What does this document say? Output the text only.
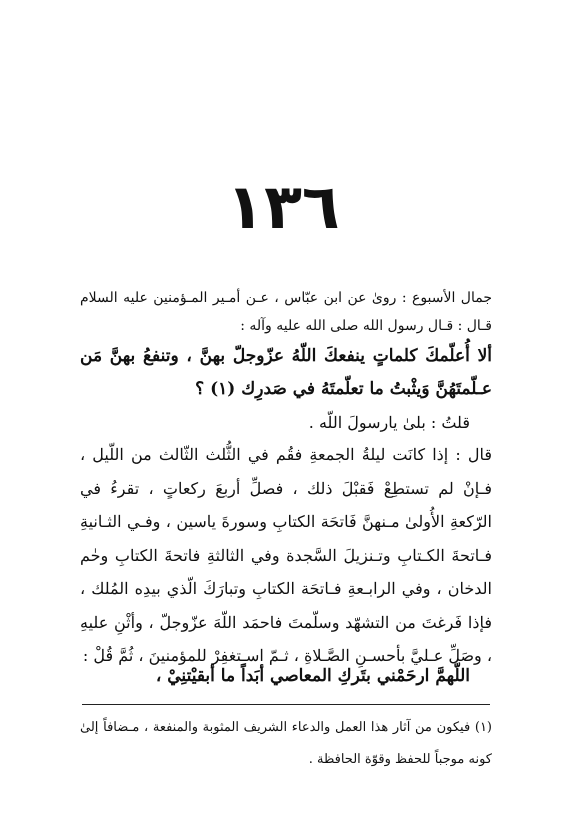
١٣٦
جمال الأسبوع : رویٰ عن ابن عبّاس ، عـن أمـير المـؤمنين عليه السلام قـال : قـال رسول الله صلى الله عليه وآله :
ألا أُعلّمكَ كلماتٍ ينفعكَ اللّهُ عزّوجلّ بهنَّ ، وتنفعُ بهنَّ مَن عـلّمتَهُنَّ وَيثْبتُ ما تعلّمتَهُ في صَدرِك (١) ؟
قلتُ : بلیٰ يارسولَ اللّه .
قال : إذا كانَت ليلةُ الجمعةِ فقُم في الثُّلث الثّالث من اللّيل ، فـإنْ لم تستطِعْ فَقبْلَ ذلك ، فصلِّ أربعَ ركعاتٍ ، تقرءُ في الرّكعةِ الأُولیٰ مـنهنَّ فَاتحَة الكتابِ وسورةَ ياسين ، وفـي الثـانيةِ فـاتحةَ الكـتابِ وتـنزيلَ السَّجدة وفي الثالثةِ فاتحةَ الكتابِ وحٰم الدخان ، وفي الرابـعةِ فـاتحَة الكتابِ وتبارَكَ الّذي بيدِه المُلك ، فإذا فَرغتَ من التشهّد وسلّمتَ فاحمَد اللّهَ عزّوجلّ ، وأثْنِ عليهِ ، وصَلِّ عـليَّ بأحسـنِ الصَّـلاةِ ، ثـمّ اسـتغفِرْ للمؤمنينَ ، ثُمَّ قُلْ :
اللّهمَّ ارحَمْني بتَركِ المعاصي أبَداً ما أبقيْتنِيْ ،
(١) فيكون من آثار هذا العمل والدعاء الشريف المثوبة والمنفعة ، مـضافاً إلیٰ كونه موجباً للحفظ وقوّة الحافظة .
